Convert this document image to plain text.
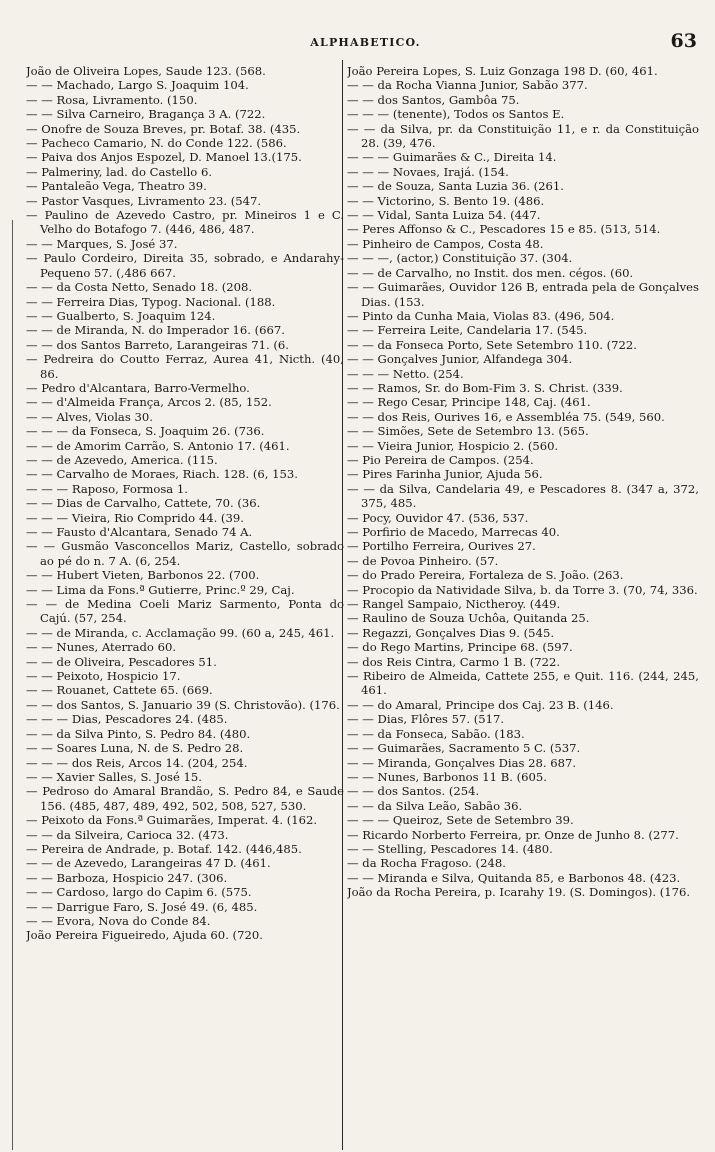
ALPHABETICO.	63
João de Oliveira Lopes, Saude 123. (568.
— — Machado, Largo S. Joaquim 104.
— — Rosa, Livramento. (150.
— — Silva Carneiro, Bragança 3 A. (722.
— Onofre de Souza Breves, pr. Botaf. 38. (435.
— Pacheco Camario, N. do Conde 122. (586.
— Paiva dos Anjos Espozel, D. Manoel 13.(175.
— Palmeriny, lad. do Castello 6.
— Pantaleão Vega, Theatro 39.
— Pastor Vasques, Livramento 23. (547.
— Paulino de Azevedo Castro, pr. Mineiros 1 e C. Velho do Botafogo 7. (446, 486, 487.
— — Marques, S. José 37.
— Paulo Cordeiro, Direita 35, sobrado, e Andarahy-Pequeno 57. (,486 667.
— — da Costa Netto, Senado 18. (208.
— — Ferreira Dias, Typog. Nacional. (188.
— — Gualberto, S. Joaquim 124.
— — de Miranda, N. do Imperador 16. (667.
— — dos Santos Barreto, Larangeiras 71. (6.
— Pedreira do Coutto Ferraz, Aurea 41, Nicth. (40, 86.
— Pedro d'Alcantara, Barro-Vermelho.
— — d'Almeida França, Arcos 2. (85, 152.
— — Alves, Violas 30.
— — — da Fonseca, S. Joaquim 26. (736.
— — de Amorim Carrão, S. Antonio 17. (461.
— — de Azevedo, America. (115.
— — Carvalho de Moraes, Riach. 128. (6, 153.
— — — Raposo, Formosa 1.
— — Dias de Carvalho, Cattete, 70. (36.
— — — Vieira, Rio Comprido 44. (39.
— — Fausto d'Alcantara, Senado 74 A.
— — Gusmão Vasconcellos Mariz, Castello, sobrado ao pé do n. 7 A. (6, 254.
— — Hubert Vieten, Barbonos 22. (700.
— — Lima da Fons.ª Gutierre, Princ.º 29, Caj.
— — de Medina Coeli Mariz Sarmento, Ponta do Cajú. (57, 254.
— — de Miranda, c. Acclamação 99. (60 a, 245, 461.
— — Nunes, Aterrado 60.
— — de Oliveira, Pescadores 51.
— — Peixoto, Hospicio 17.
— — Rouanet, Cattete 65. (669.
— — dos Santos, S. Januario 39 (S. Christovão). (176.
— — — Dias, Pescadores 24. (485.
— — da Silva Pinto, S. Pedro 84. (480.
— — Soares Luna, N. de S. Pedro 28.
— — — dos Reis, Arcos 14. (204, 254.
— — Xavier Salles, S. José 15.
— Pedroso do Amaral Brandão, S. Pedro 84, e Saude 156. (485, 487, 489, 492, 502, 508, 527, 530.
— Peixoto da Fons.ª Guimarães, Imperat. 4. (162.
— — da Silveira, Carioca 32. (473.
— Pereira de Andrade, p. Botaf. 142. (446,485.
— — de Azevedo, Larangeiras 47 D. (461.
— — Barboza, Hospicio 247. (306.
— — Cardoso, largo do Capim 6. (575.
— — Darrigue Faro, S. José 49. (6, 485.
— — Evora, Nova do Conde 84.
João Pereira Figueiredo, Ajuda 60. (720.
João Pereira Lopes, S. Luiz Gonzaga 198 D. (60, 461.
— — da Rocha Vianna Junior, Sabão 377.
— — dos Santos, Gambôa 75.
— — — (tenente), Todos os Santos E.
— — da Silva, pr. da Constituição 11, e r. da Constituição 28. (39, 476.
— — — Guimarães & C., Direita 14.
— — — Novaes, Irajá. (154.
— — de Souza, Santa Luzia 36. (261.
— — Victorino, S. Bento 19. (486.
— — Vidal, Santa Luiza 54. (447.
— Peres Affonso & C., Pescadores 15 e 85. (513, 514.
— Pinheiro de Campos, Costa 48.
— — —, (actor,) Constituição 37. (304.
— — de Carvalho, no Instit. dos men. cégos. (60.
— — Guimarães, Ouvidor 126 B, entrada pela de Gonçalves Dias. (153.
— Pinto da Cunha Maia, Violas 83. (496, 504.
— — Ferreira Leite, Candelaria 17. (545.
— — da Fonseca Porto, Sete Setembro 110. (722.
— — Gonçalves Junior, Alfandega 304.
— — — Netto. (254.
— — Ramos, Sr. do Bom-Fim 3. S. Christ. (339.
— — Rego Cesar, Principe 148, Caj. (461.
— — dos Reis, Ourives 16, e Assembléa 75. (549, 560.
— — Simões, Sete de Setembro 13. (565.
— — Vieira Junior, Hospicio 2. (560.
— Pio Pereira de Campos. (254.
— Pires Farinha Junior, Ajuda 56.
— — da Silva, Candelaria 49, e Pescadores 8. (347 a, 372, 375, 485.
— Pocy, Ouvidor 47. (536, 537.
— Porfirio de Macedo, Marrecas 40.
— Portilho Ferreira, Ourives 27.
— de Povoa Pinheiro. (57.
— do Prado Pereira, Fortaleza de S. João. (263.
— Procopio da Natividade Silva, b. da Torre 3. (70, 74, 336.
— Rangel Sampaio, Nictheroy. (449.
— Raulino de Souza Uchôa, Quitanda 25.
— Regazzi, Gonçalves Dias 9. (545.
— do Rego Martins, Principe 68. (597.
— dos Reis Cintra, Carmo 1 B. (722.
— Ribeiro de Almeida, Cattete 255, e Quit. 116. (244, 245, 461.
— — do Amaral, Principe dos Caj. 23 B. (146.
— — Dias, Flôres 57. (517.
— — da Fonseca, Sabão. (183.
— — Guimarães, Sacramento 5 C. (537.
— — Miranda, Gonçalves Dias 28. 687.
— — Nunes, Barbonos 11 B. (605.
— — dos Santos. (254.
— — da Silva Leão, Sabão 36.
— — — Queiroz, Sete de Setembro 39.
— Ricardo Norberto Ferreira, pr. Onze de Junho 8. (277.
— — Stelling, Pescadores 14. (480.
— da Rocha Fragoso. (248.
— — Miranda e Silva, Quitanda 85, e Barbonos 48. (423.
João da Rocha Pereira, p. Icarahy 19. (S. Domingos). (176.
